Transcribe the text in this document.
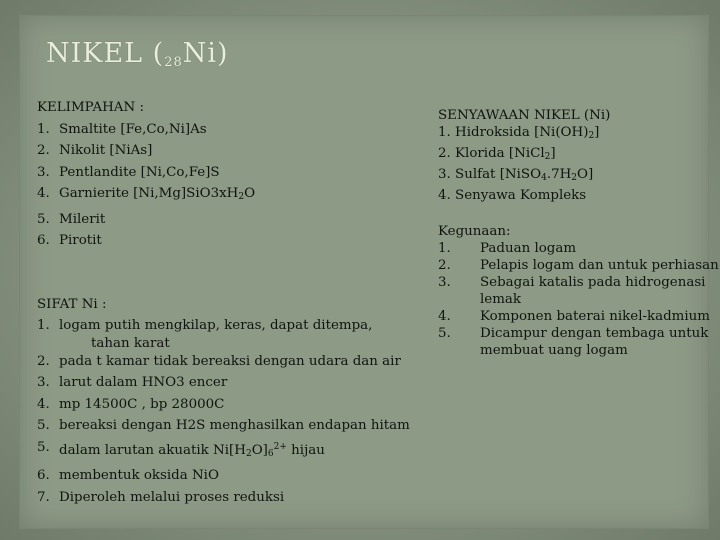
NIKEL $(_{28}Ni)$
KELIMPAHAN :
1. Smaltite [Fe,Co,Ni]As
2. Nikolit [NiAs]
3. Pentlandite [Ni,Co,Fe]S
4. Garnierite $[Ni,Mg]SiO3xH_2O$
5. Milerit
6. Pirotit
SIFAT Ni :
1. logam putih mengkilap, keras, dapat ditempa,
tahan karat
2. pada t kamar tidak bereaksi dengan udara dan air
3. larut dalam HNO3 encer
4. mp 14500C , bp 28000C
5. bereaksi dengan H2S menghasilkan endapan hitam
5. dalam larutan akuatik $Ni[H_2O]_6^{2+}$ hijau
6. membentuk oksida NiO
7. Diperoleh melalui proses reduksi
SENYAWAAN NIKEL (Ni)
1. Hidroksida $[Ni(OH)_2]$
2. Klorida [NiCl$_2$]
3. Sulfat $[NiSO_4.7H_2O]$
4. Senyawa Kompleks
Kegunaan:
1.	Paduan logam
2.	Pelapis logam dan untuk perhiasan
3.	Sebagai katalis pada hidrogenasi lemak
4.	Komponen baterai nikel-kadmium
5.	Dicampur dengan tembaga untuk membuat uang logam
